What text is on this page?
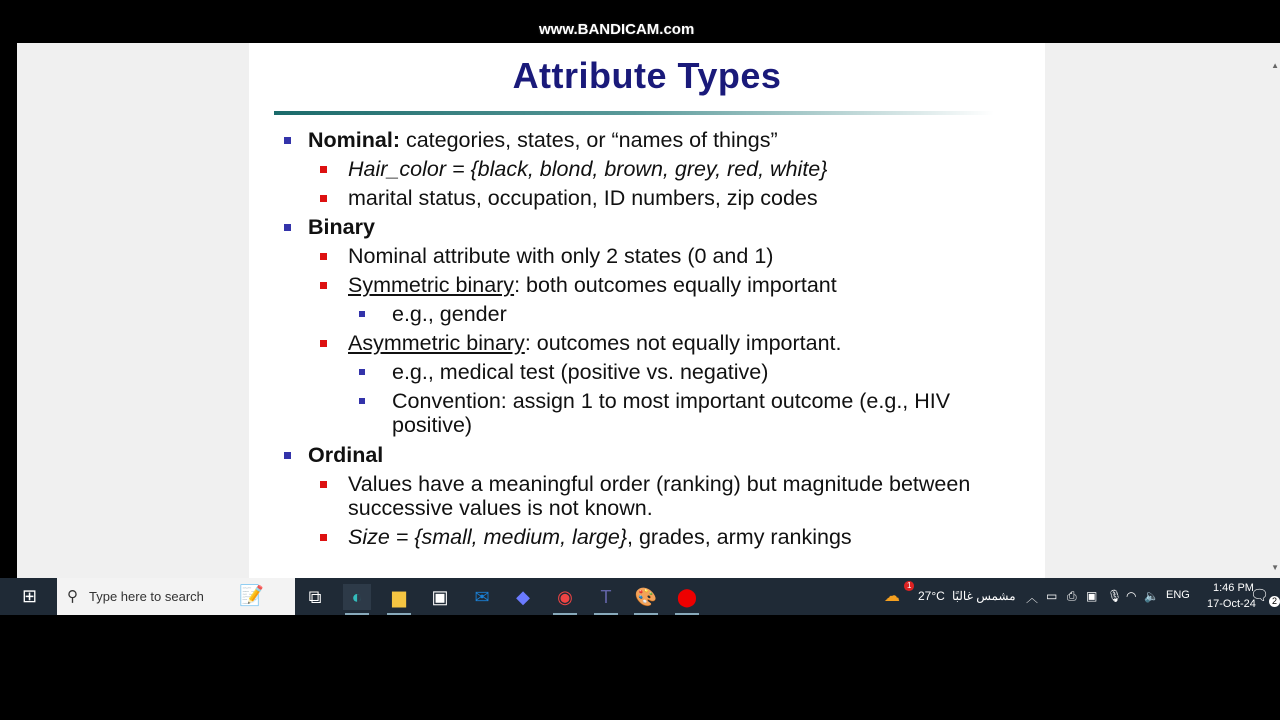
Attribute Types
www.BANDICAM.com
Nominal: categories, states, or “names of things”
Hair_color = {black, blond, brown, grey, red, white}
marital status, occupation, ID numbers, zip codes
Binary
Nominal attribute with only 2 states (0 and 1)
Symmetric binary: both outcomes equally important
e.g., gender
Asymmetric binary: outcomes not equally important.
e.g., medical test (positive vs. negative)
Convention: assign 1 to most important outcome (e.g., HIV
positive)
Ordinal
Values have a meaningful order (ranking) but magnitude between
successive values is not known.
Size = {small, medium, large}, grades, army rankings
▲
▼
⊞ ⚲ Type here to search 📝	⧉	◐	▆	▣	✉	◆	◉	T	🎨 ⬤	☁
1
27°C مشمس غالبًا ︿ ▭ ⎙ ▣ 🎙 ◠ 🔈 ENG
1:46 PM
17-Oct-24
🗨 2
